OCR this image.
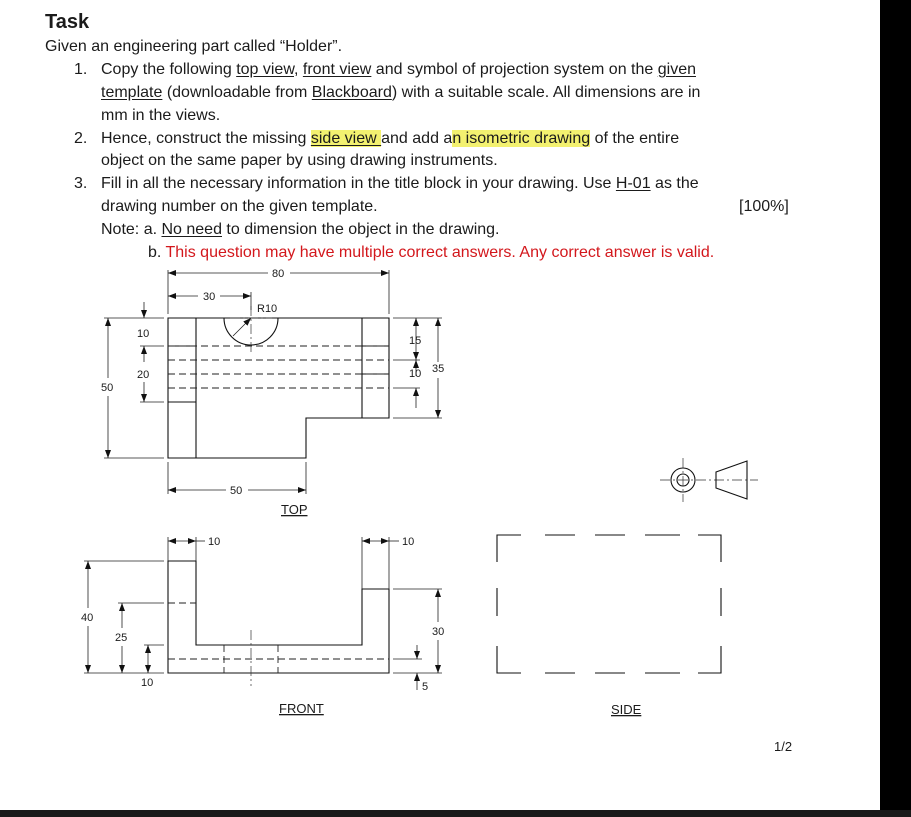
Task
Given an engineering part called “Holder”.
1. Copy the following top view, front view and symbol of projection system on the given
template (downloadable from Blackboard) with a suitable scale. All dimensions are in
mm in the views.
2. Hence, construct the missing side view and add an isometric drawing of the entire
object on the same paper by using drawing instruments.
3. Fill in all the necessary information in the title block in your drawing. Use H-01 as the
drawing number on the given template.	[100%]
Note: a. No need to dimension the object in the drawing.
b. This question may have multiple correct answers. Any correct answer is valid.
R10
80
30
50
10
20
50
15
10 35
TOP
10	10
40
25
10
30
5
FRONT	SIDE
1/2
